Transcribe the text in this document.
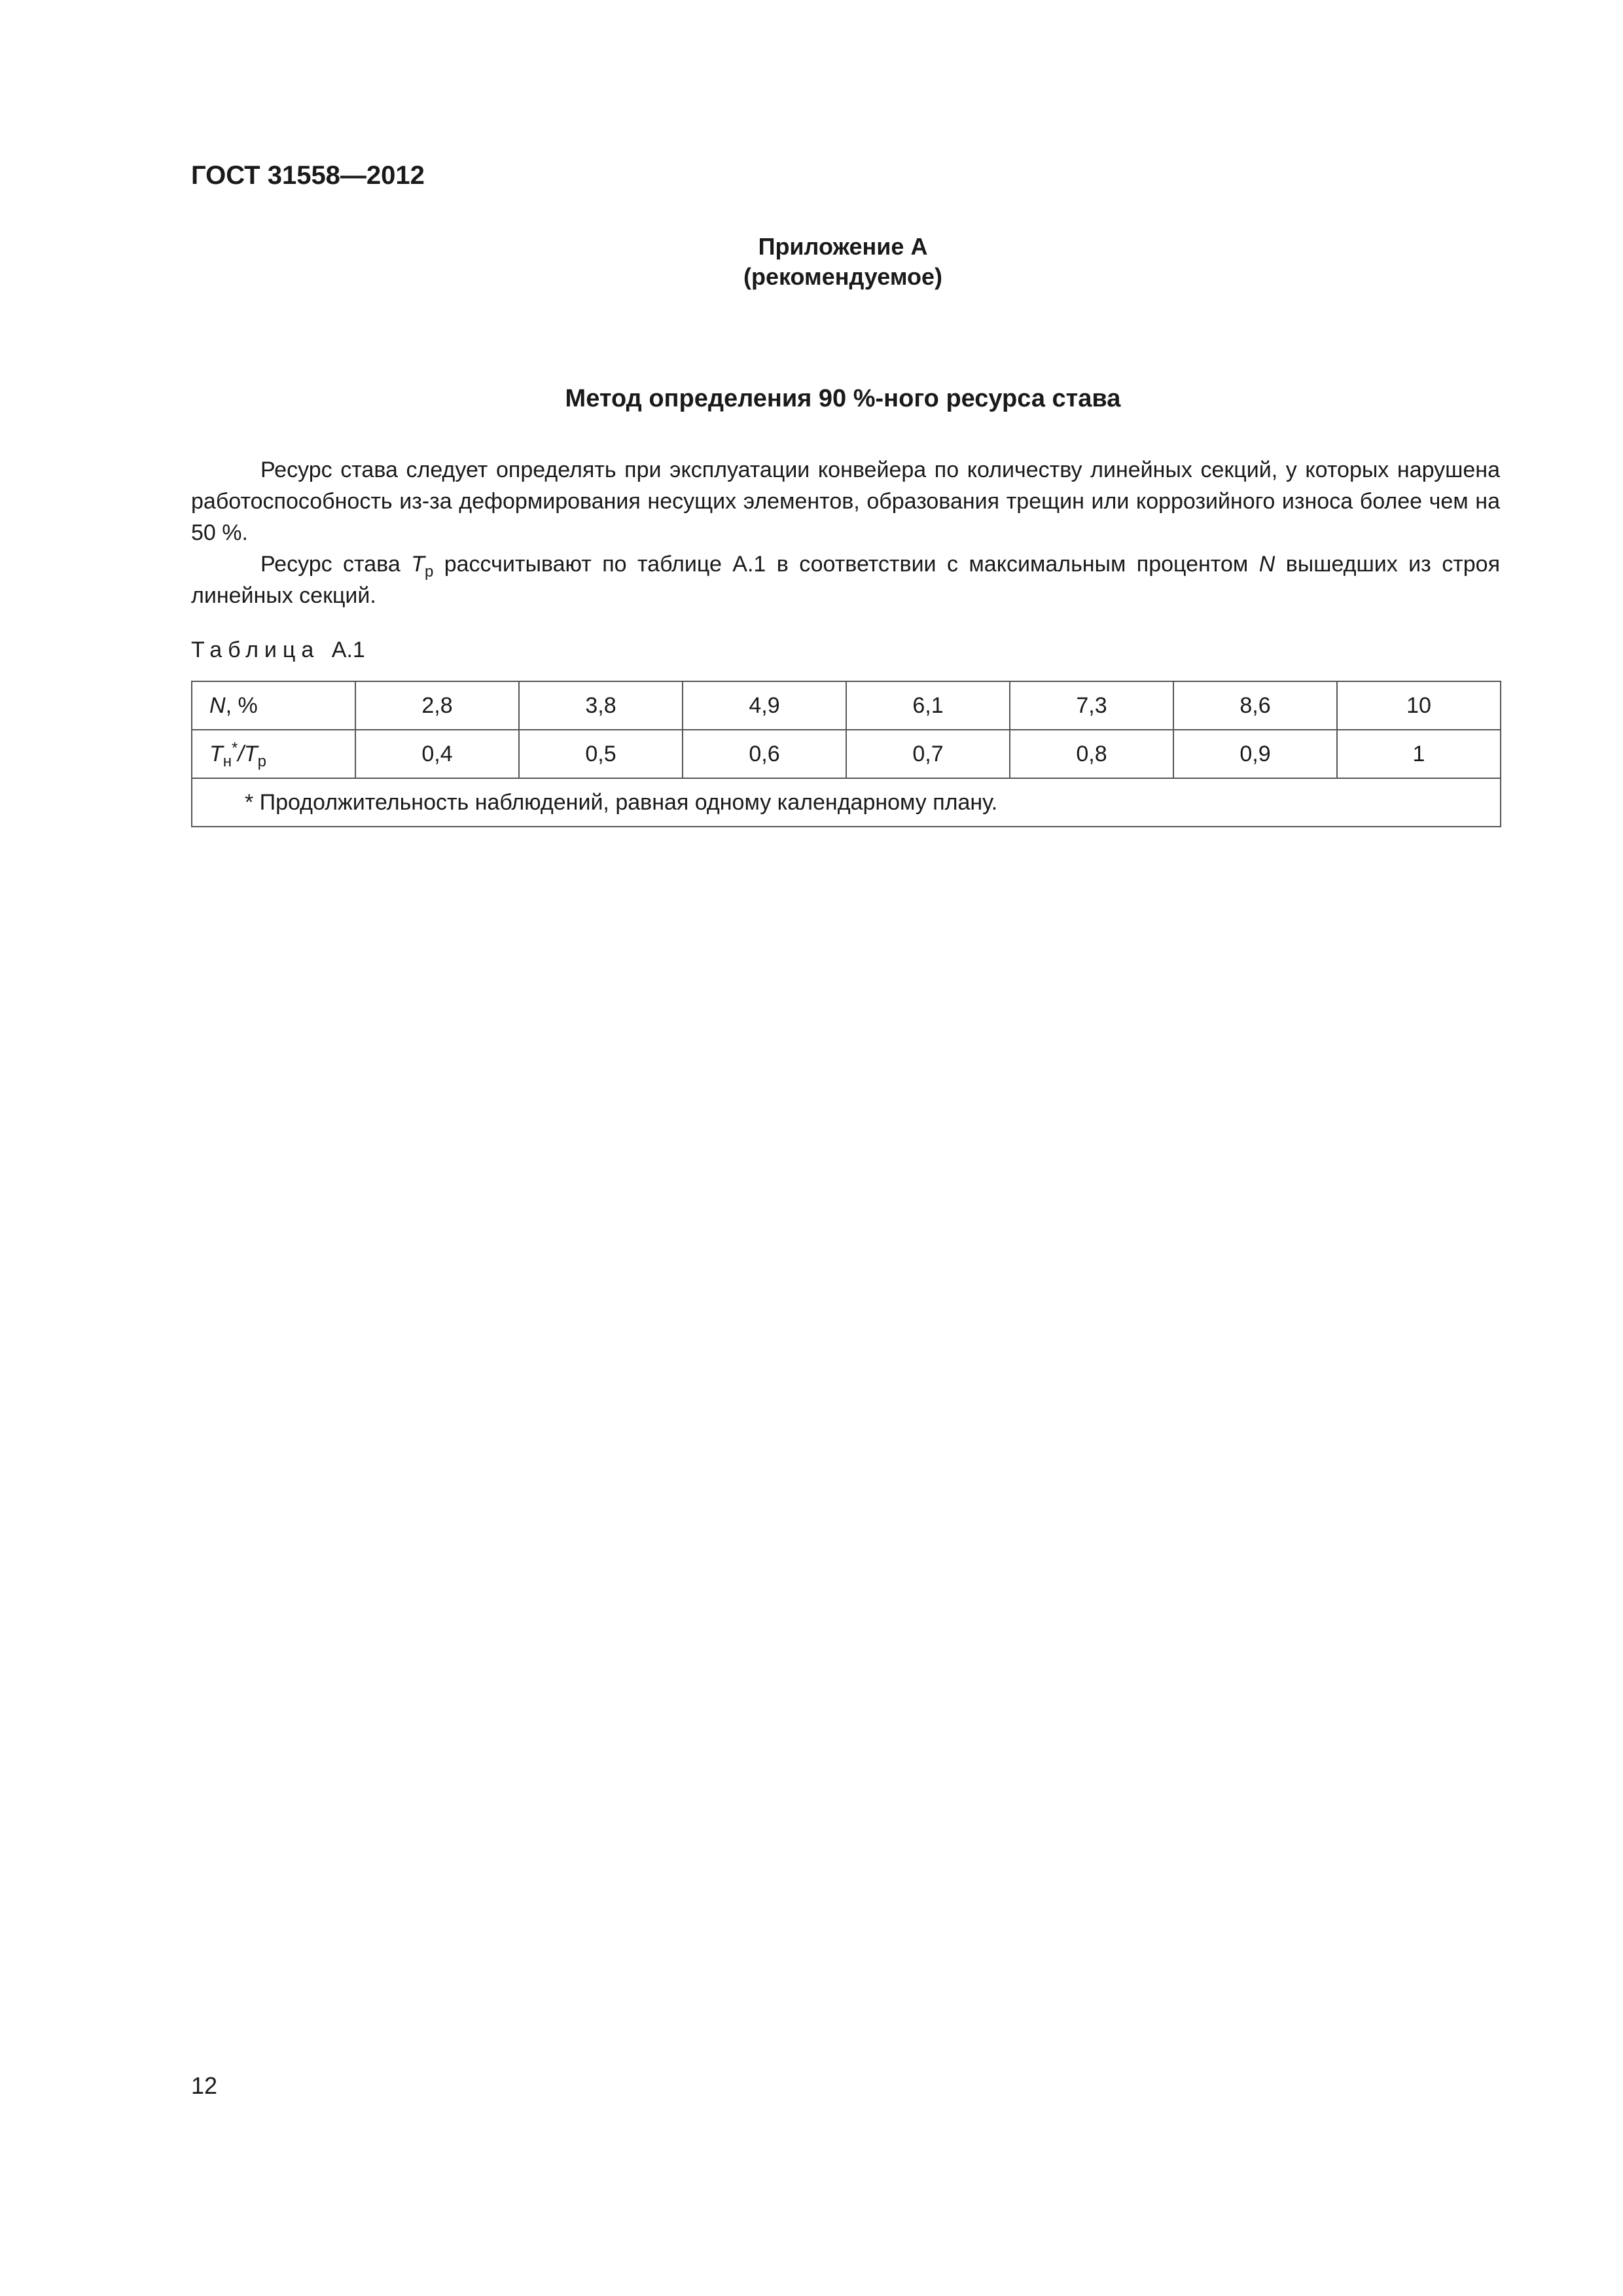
ГОСТ 31558—2012
Приложение А
(рекомендуемое)
Метод определения 90 %-ного ресурса става
Ресурс става следует определять при эксплуатации конвейера по количеству линейных секций, у которых нарушена работоспособность из-за деформирования несущих элементов, образования трещин или коррозийного износа более чем на 50 %.
Ресурс става $T_р$ рассчитывают по таблице А.1 в соответствии с максимальным процентом N вышедших из строя линейных секций.
Таблица А.1
N, %	2,8	3,8	4,9	6,1	7,3	8,6	10
$T_н^*/T_р$	0,4	0,5	0,6	0,7	0,8	0,9	1
* Продолжительность наблюдений, равная одному календарному плану.							
12
